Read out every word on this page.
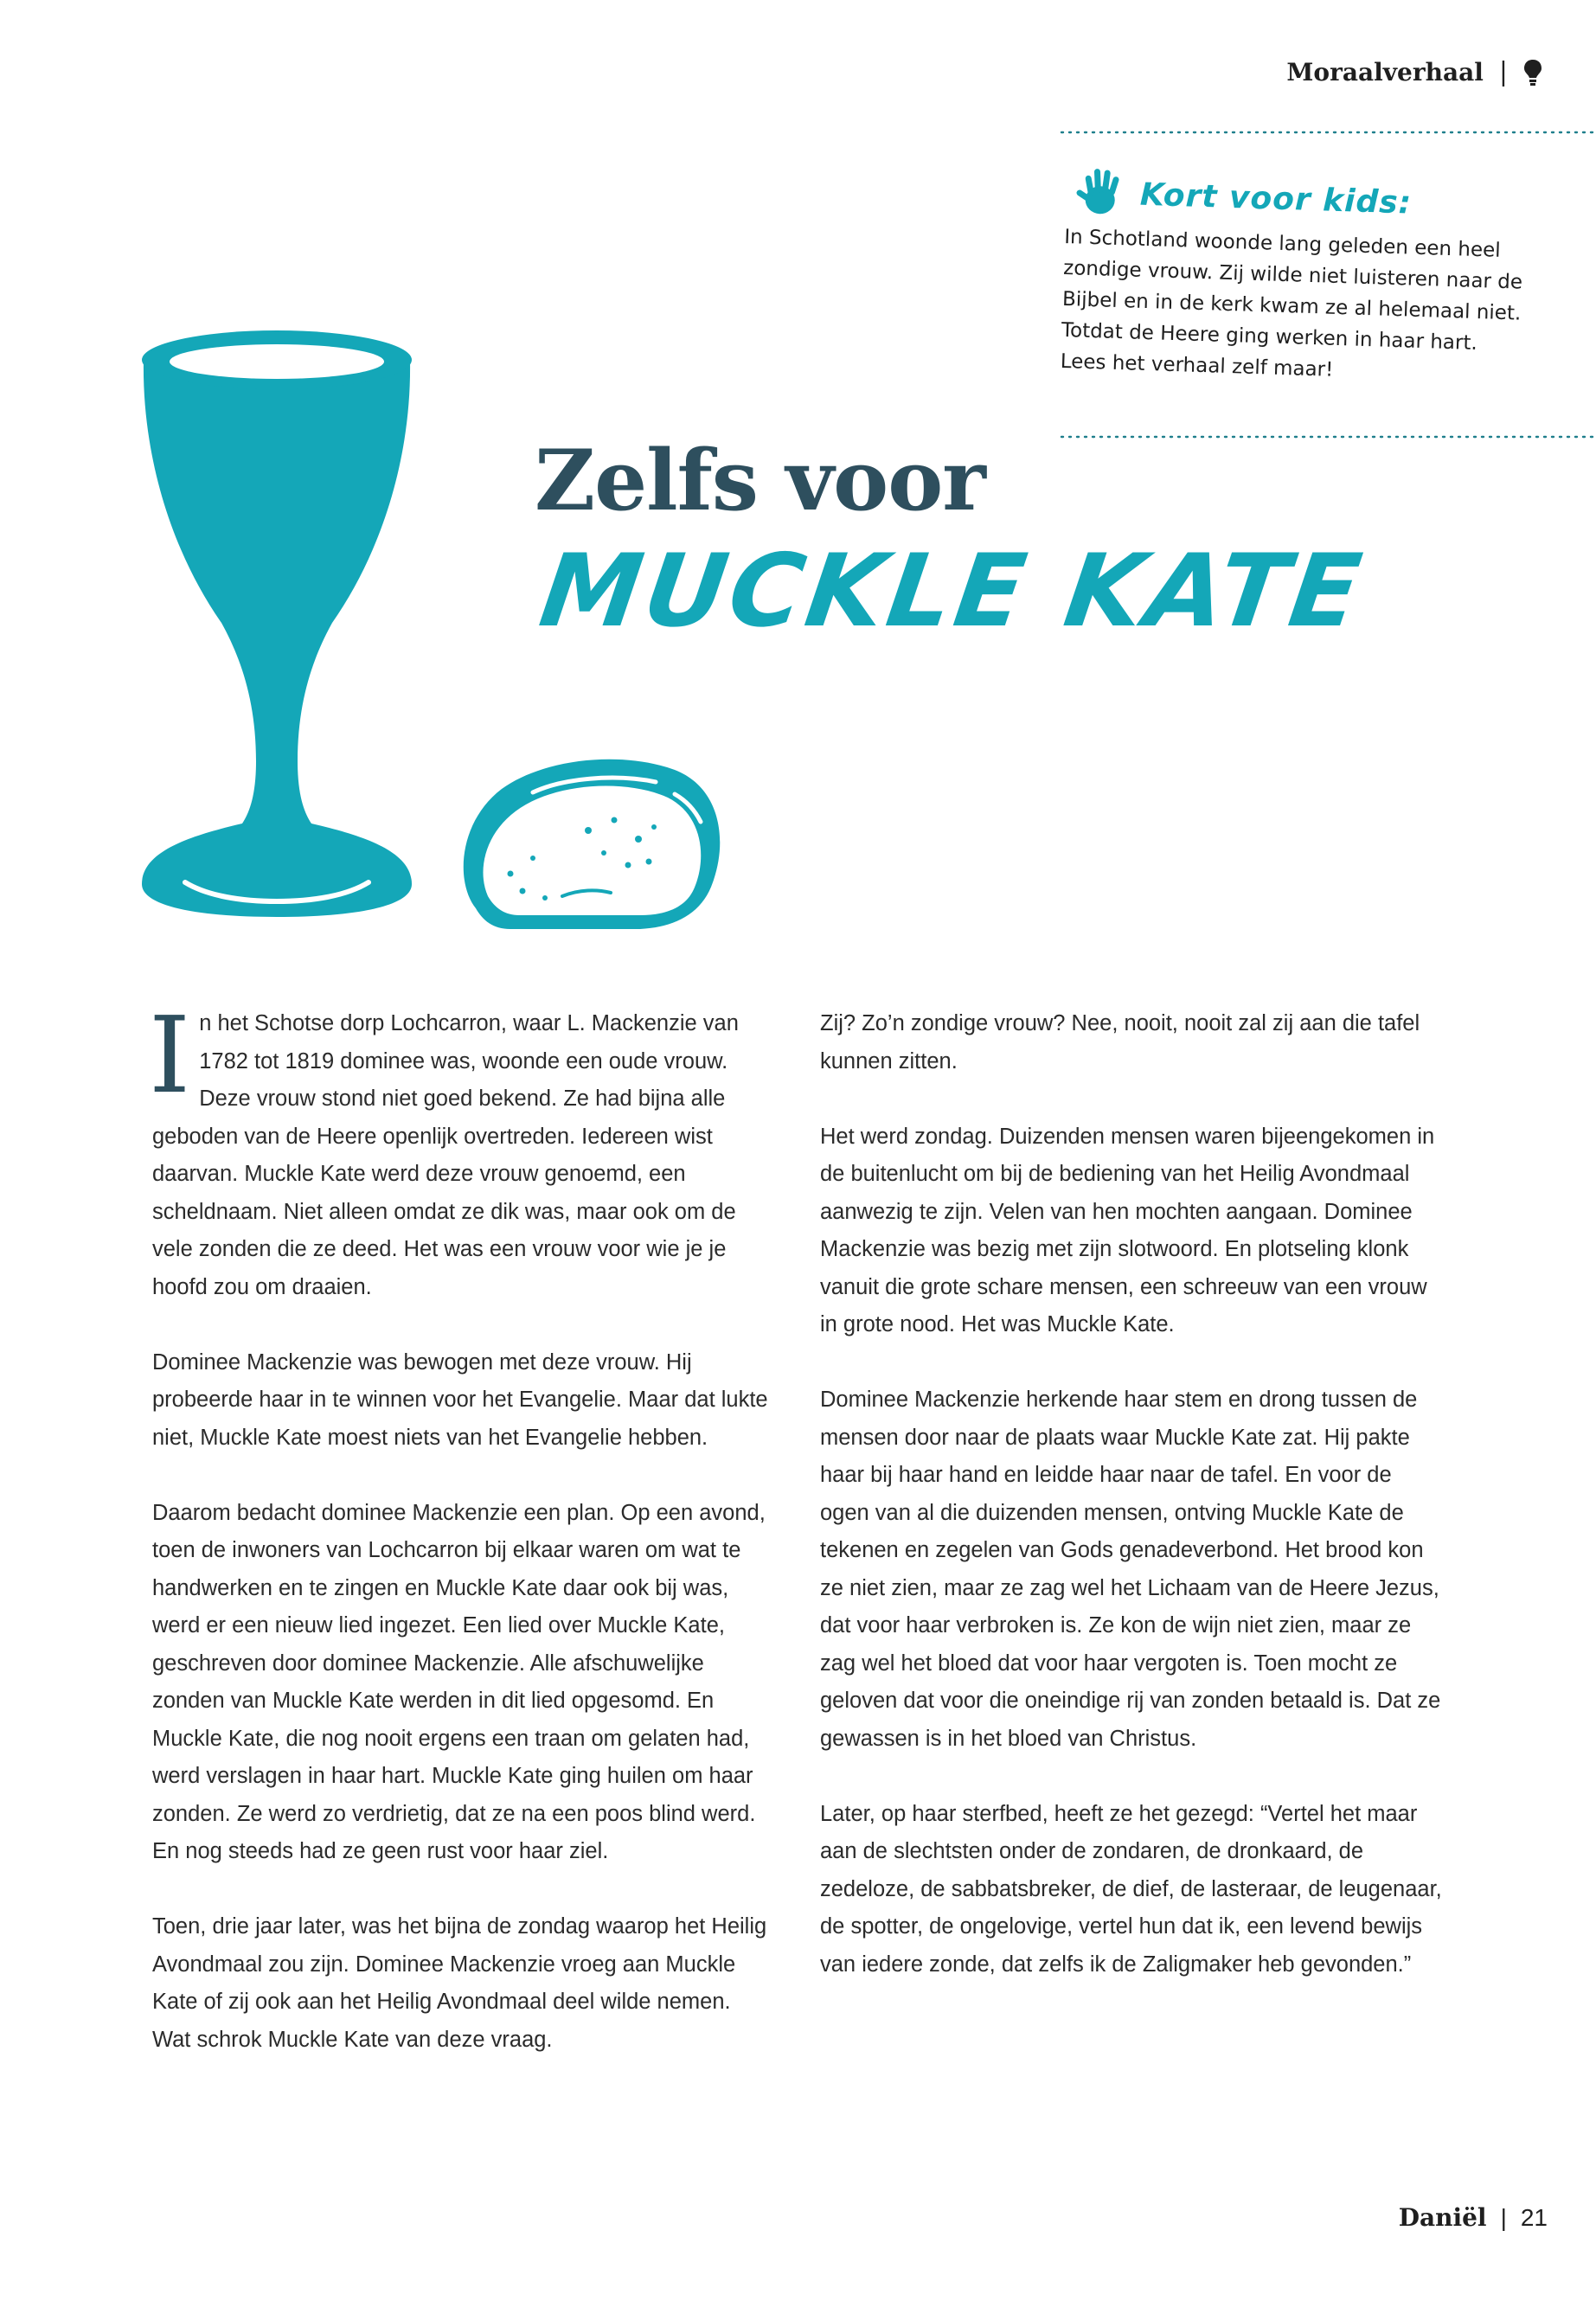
Moraalverhaal |
Kort voor kids:
In Schotland woonde lang geleden een heel
zondige vrouw. Zij wilde niet luisteren naar de
Bijbel en in de kerk kwam ze al helemaal niet.
Totdat de Heere ging werken in haar hart.
Lees het verhaal zelf maar!
Zelfs voor
MUCKLE KATE

In het Schotse dorp Lochcarron, waar L. Mackenzie van 1782 tot 1819 dominee was, woonde een oude vrouw. Deze vrouw stond niet goed bekend. Ze had bijna alle geboden van de Heere openlijk overtreden. Iedereen wist daarvan. Muckle Kate werd deze vrouw genoemd, een scheldnaam. Niet alleen omdat ze dik was, maar ook om de vele zonden die ze deed. Het was een vrouw voor wie je je hoofd zou om draaien.

Dominee Mackenzie was bewogen met deze vrouw. Hij probeerde haar in te winnen voor het Evangelie. Maar dat lukte niet, Muckle Kate moest niets van het Evangelie hebben.

Daarom bedacht dominee Mackenzie een plan. Op een avond, toen de inwoners van Lochcarron bij elkaar waren om wat te handwerken en te zingen en Muckle Kate daar ook bij was, werd er een nieuw lied ingezet. Een lied over Muckle Kate, geschreven door dominee Mackenzie. Alle afschuwelijke zonden van Muckle Kate werden in dit lied opgesomd. En Muckle Kate, die nog nooit ergens een traan om gelaten had, werd verslagen in haar hart. Muckle Kate ging huilen om haar zonden. Ze werd zo verdrietig, dat ze na een poos blind werd. En nog steeds had ze geen rust voor haar ziel.

Toen, drie jaar later, was het bijna de zondag waarop het Heilig Avondmaal zou zijn. Dominee Mackenzie vroeg aan Muckle Kate of zij ook aan het Heilig Avondmaal deel wilde nemen. Wat schrok Muckle Kate van deze vraag.

Zij? Zo’n zondige vrouw? Nee, nooit, nooit zal zij aan die tafel kunnen zitten.

Het werd zondag. Duizenden mensen waren bijeengekomen in de buitenlucht om bij de bediening van het Heilig Avondmaal aanwezig te zijn. Velen van hen mochten aangaan. Dominee Mackenzie was bezig met zijn slotwoord. En plotseling klonk vanuit die grote schare mensen, een schreeuw van een vrouw in grote nood. Het was Muckle Kate.

Dominee Mackenzie herkende haar stem en drong tussen de mensen door naar de plaats waar Muckle Kate zat. Hij pakte haar bij haar hand en leidde haar naar de tafel. En voor de ogen van al die duizenden mensen, ontving Muckle Kate de tekenen en zegelen van Gods genadeverbond. Het brood kon ze niet zien, maar ze zag wel het Lichaam van de Heere Jezus, dat voor haar verbroken is. Ze kon de wijn niet zien, maar ze zag wel het bloed dat voor haar vergoten is. Toen mocht ze geloven dat voor die oneindige rij van zonden betaald is. Dat ze gewassen is in het bloed van Christus.

Later, op haar sterfbed, heeft ze het gezegd: “Vertel het maar aan de slechtsten onder de zondaren, de dronkaard, de zedeloze, de sabbatsbreker, de dief, de lasteraar, de leugenaar, de spotter, de ongelovige, vertel hun dat ik, een levend bewijs van iedere zonde, dat zelfs ik de Zaligmaker heb gevonden.”

Daniël | 21
